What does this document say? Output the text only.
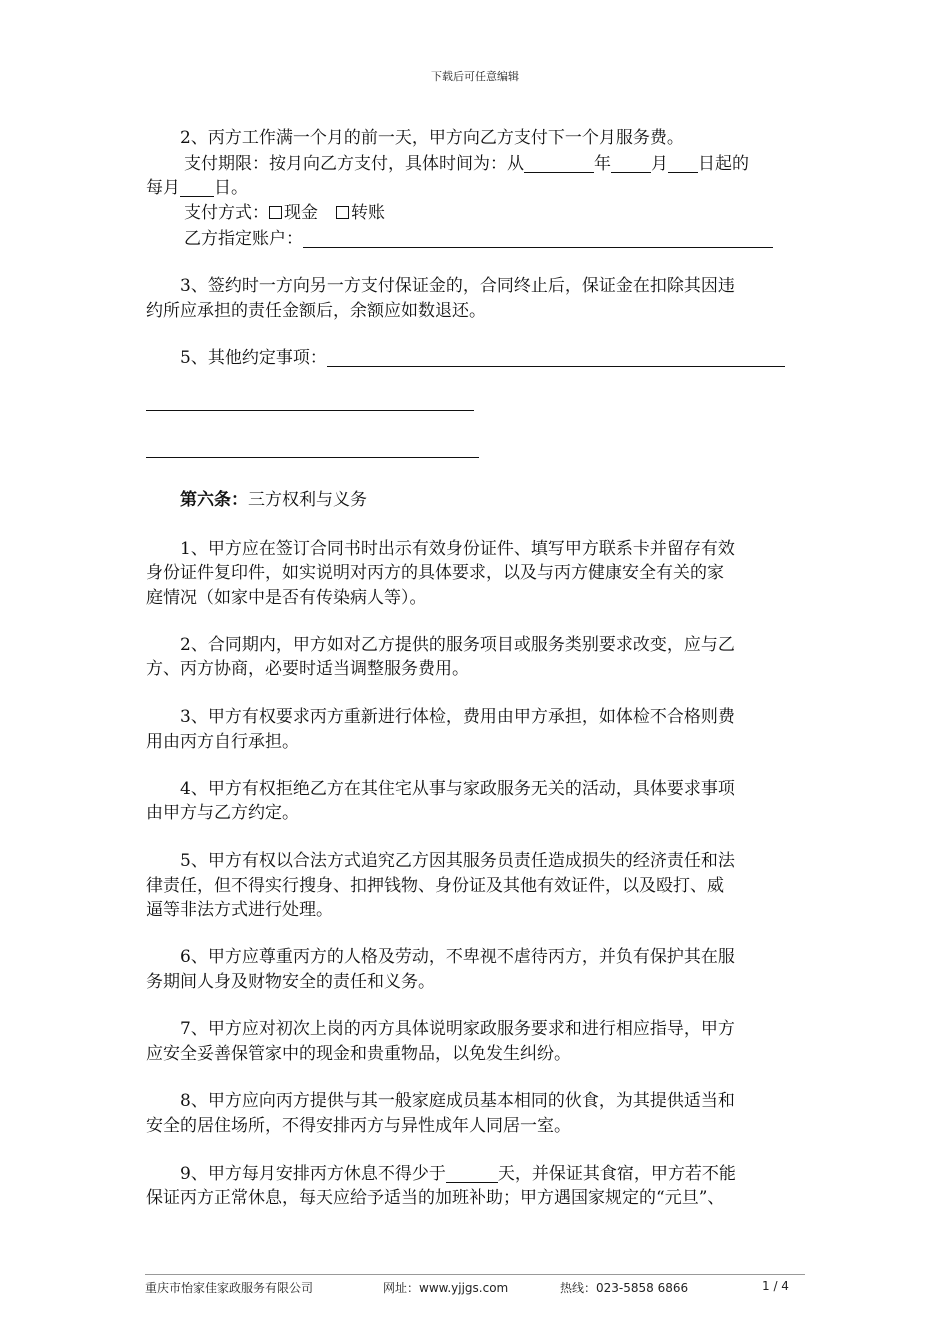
下载后可任意编辑
2、丙方工作满一个月的前一天，甲方向乙方支付下一个月服务费。
支付期限：按月向乙方支付，具体时间为：从	年 月 日起的
每月 日。
支付方式： 现金 转账
乙方指定账户：
3、签约时一方向另一方支付保证金的，合同终止后，保证金在扣除其因违
约所应承担的责任金额后，余额应如数退还。
5、其他约定事项：
第六条：三方权利与义务
1、甲方应在签订合同书时出示有效身份证件、填写甲方联系卡并留存有效
身份证件复印件，如实说明对丙方的具体要求，以及与丙方健康安全有关的家
庭情况（如家中是否有传染病人等）。
2、合同期内，甲方如对乙方提供的服务项目或服务类别要求改变，应与乙
方、丙方协商，必要时适当调整服务费用。
3、甲方有权要求丙方重新进行体检，费用由甲方承担，如体检不合格则费
用由丙方自行承担。
4、甲方有权拒绝乙方在其住宅从事与家政服务无关的活动，具体要求事项
由甲方与乙方约定。
5、甲方有权以合法方式追究乙方因其服务员责任造成损失的经济责任和法
律责任，但不得实行搜身、扣押钱物、身份证及其他有效证件，以及殴打、威
逼等非法方式进行处理。
6、甲方应尊重丙方的人格及劳动，不卑视不虐待丙方，并负有保护其在服
务期间人身及财物安全的责任和义务。
7、甲方应对初次上岗的丙方具体说明家政服务要求和进行相应指导，甲方
应安全妥善保管家中的现金和贵重物品，以免发生纠纷。
8、甲方应向丙方提供与其一般家庭成员基本相同的伙食，为其提供适当和
安全的居住场所，不得安排丙方与异性成年人同居一室。
9、甲方每月安排丙方休息不得少于	天，并保证其食宿，甲方若不能
保证丙方正常休息，每天应给予适当的加班补助；甲方遇国家规定的“元旦”、
重庆市怡家佳家政服务有限公司	网址：www.yjjgs.com	热线：023-5858 6866	1 / 4
